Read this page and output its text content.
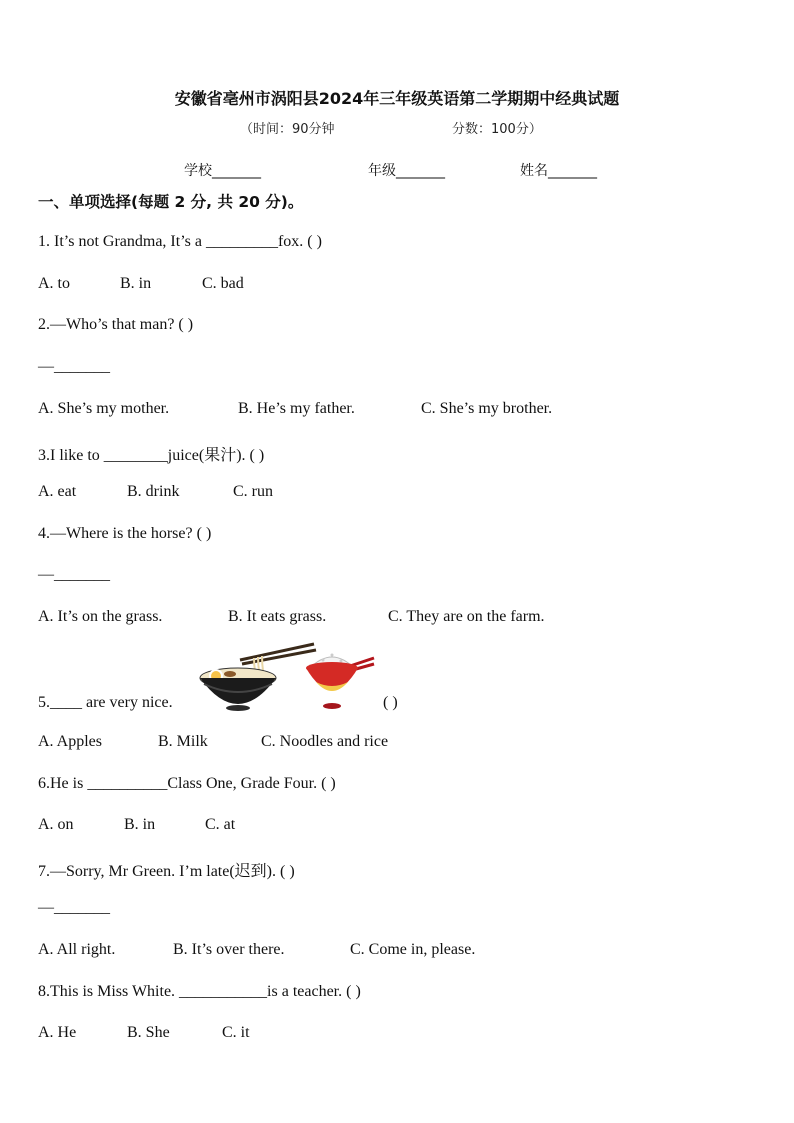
安徽省亳州市涡阳县2024年三年级英语第二学期期中经典试题
（时间：90分钟	分数：100分）
学校_______	年级_______	姓名_______
一、单项选择(每题 2 分, 共 20 分)。
1. It’s not Grandma, It’s a _________fox. ( )
A. to	B. in	C. bad
2.—Who’s that man? ( )
—_______
A. She’s my mother.	B. He’s my father.	C. She’s my brother.
3.I like to ________juice(果汁). ( )
A. eat	B. drink	C. run
4.—Where is the horse? ( )
—_______
A. It’s on the grass.	B. It eats grass.	C. They are on the farm.
5.____ are very nice.	( )
A. Apples	B. Milk	C. Noodles and rice
6.He is __________Class One, Grade Four. ( )
A. on	B. in	C. at
7.—Sorry, Mr Green. I’m late(迟到). ( )
—_______
A. All right.	B. It’s over there.	C. Come in, please.
8.This is Miss White. ___________is a teacher. ( )
A. He	B. She	C. it
